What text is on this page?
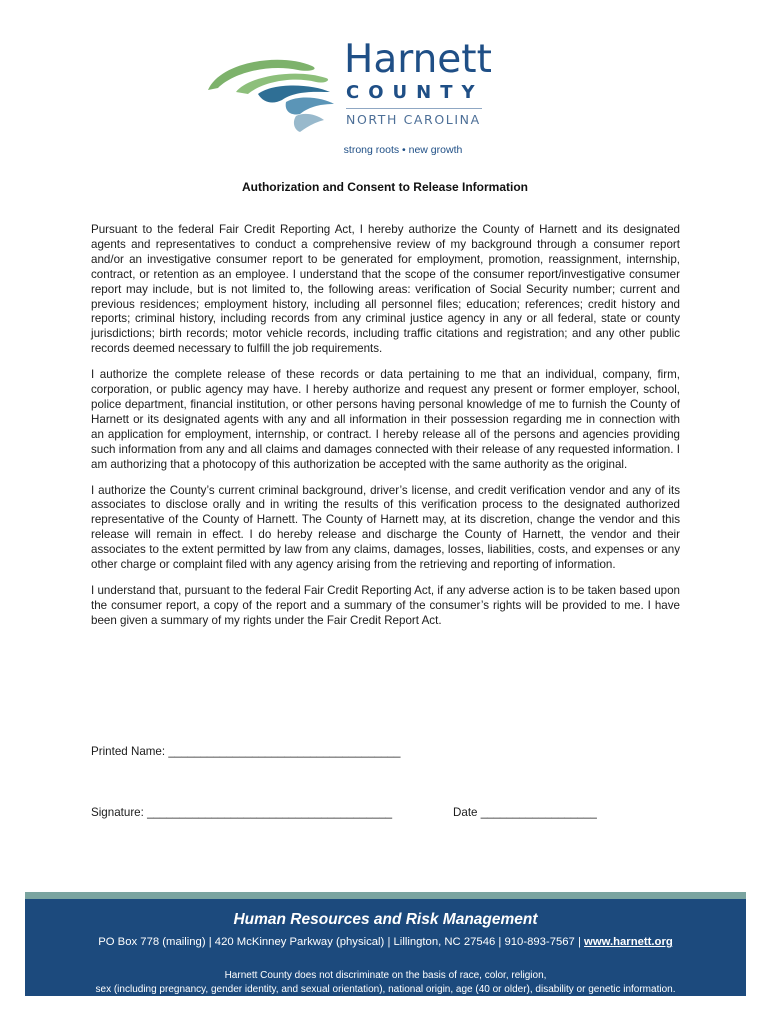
Harnett
COUNTY
NORTH CAROLINA
strong roots • new growth
Authorization and Consent to Release Information

Pursuant to the federal Fair Credit Reporting Act, I hereby authorize the County of Harnett and its designated agents and representatives to conduct a comprehensive review of my background through a consumer report and/or an investigative consumer report to be generated for employment, promotion, reassignment, internship, contract, or retention as an employee. I understand that the scope of the consumer report/investigative consumer report may include, but is not limited to, the following areas: verification of Social Security number; current and previous residences; employment history, including all personnel files; education; references; credit history and reports; criminal history, including records from any criminal justice agency in any or all federal, state or county jurisdictions; birth records; motor vehicle records, including traffic citations and registration; and any other public records deemed necessary to fulfill the job requirements.

I authorize the complete release of these records or data pertaining to me that an individual, company, firm, corporation, or public agency may have. I hereby authorize and request any present or former employer, school, police department, financial institution, or other persons having personal knowledge of me to furnish the County of Harnett or its designated agents with any and all information in their possession regarding me in connection with an application for employment, internship, or contract. I hereby release all of the persons and agencies providing such information from any and all claims and damages connected with their release of any requested information. I am authorizing that a photocopy of this authorization be accepted with the same authority as the original.

I authorize the County’s current criminal background, driver’s license, and credit verification vendor and any of its associates to disclose orally and in writing the results of this verification process to the designated authorized representative of the County of Harnett. The County of Harnett may, at its discretion, change the vendor and this release will remain in effect. I do hereby release and discharge the County of Harnett, the vendor and their associates to the extent permitted by law from any claims, damages, losses, liabilities, costs, and expenses or any other charge or complaint filed with any agency arising from the retrieving and reporting of information.

I understand that, pursuant to the federal Fair Credit Reporting Act, if any adverse action is to be taken based upon the consumer report, a copy of the report and a summary of the consumer’s rights will be provided to me. I have been given a summary of my rights under the Fair Credit Report Act.

Printed Name: ____________________________________
Signature: ______________________________________	Date __________________
Human Resources and Risk Management
PO Box 778 (mailing) | 420 McKinney Parkway (physical) | Lillington, NC 27546 | 910-893-7567 | www.harnett.org
Harnett County does not discriminate on the basis of race, color, religion,
sex (including pregnancy, gender identity, and sexual orientation), national origin, age (40 or older), disability or genetic information.
